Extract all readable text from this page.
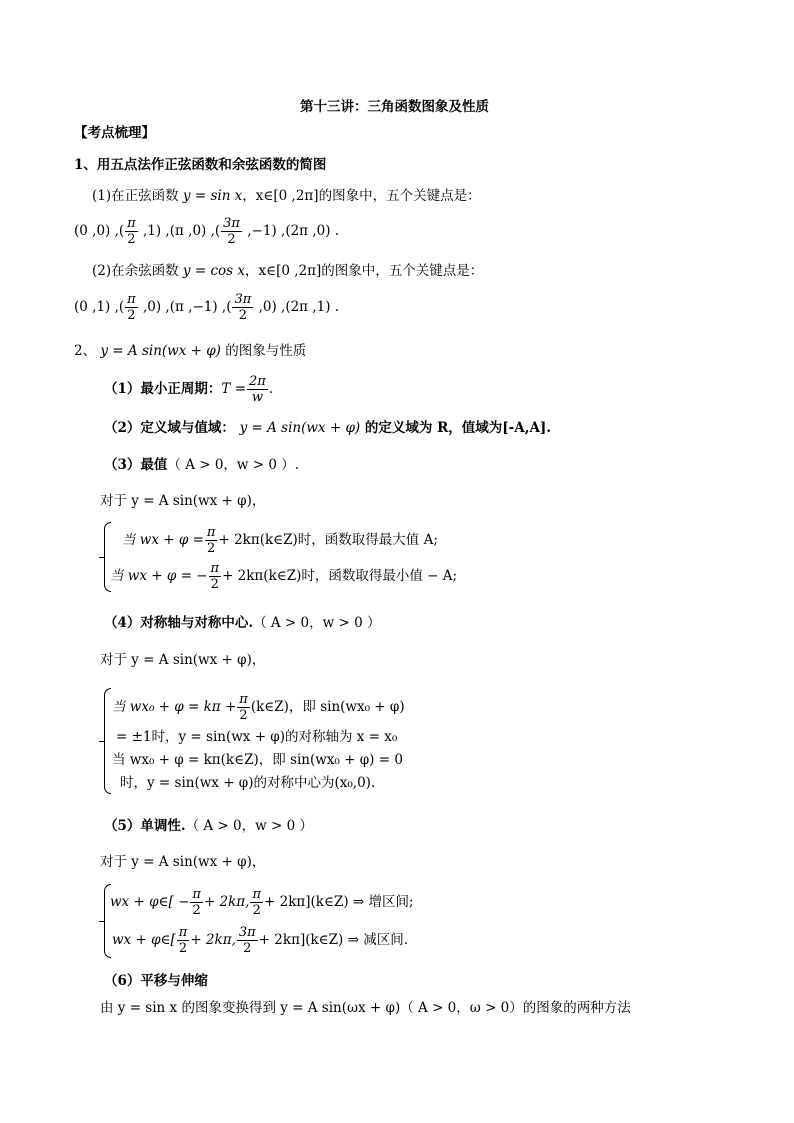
第十三讲：三角函数图象及性质
【考点梳理】
1、用五点法作正弦函数和余弦函数的简图
(1)在正弦函数 y = sin x，x∈[0 ,2π]的图象中，五个关键点是：
(0 ,0) ,( $\frac{\pi}{2} ,1$) ,(π ,0) ,( $\frac{3\pi}{2} ,-1$) ,(2π ,0) .
(2)在余弦函数 y = cos x，x∈[0 ,2π]的图象中，五个关键点是：
(0 ,1) ,( $\frac{\pi}{2} ,0$) ,(π ,−1) ,( $\frac{3\pi}{2} ,0$) ,(2π ,1) .
2、 y = A sin(wx + φ) 的图象与性质
（1）最小正周期：$T = \frac{2\pi}{w}$ .
（2）定义域与值域： y = A sin(wx + φ) 的定义域为 R，值域为[-A,A].
（3）最值（ A > 0，w > 0 ）.
对于 y = A sin(wx + φ)，
当 wx + $\varphi = \frac{\pi}{2}$ + 2kπ(k∈Z)时，函数取得最大值 A;
当 wx + φ = − $\frac{\pi}{2}$ + 2kπ(k∈Z)时，函数取得最小值 − A;
（4）对称轴与对称中心.（ A > 0，w > 0 ）
对于 y = A sin(wx + φ)，
当 $wx_0 + \varphi = k\pi + \frac{\pi}{2}$ (k∈Z)，即 sin(wx₀ + φ)
= ±1时，y = sin(wx + φ)的对称轴为 x = x₀
当 wx₀ + φ = kπ(k∈Z)，即 sin(wx₀ + φ) = 0
时，y = sin(wx + φ)的对称中心为(x₀,0).
（5）单调性.（ A > 0，w > 0 ）
对于 y = A sin(wx + φ)，
wx + φ∈[ − $\frac{\pi}{2} + 2k\pi$, $\frac{\pi}{2}$ + 2kπ](k∈Z) ⇒ 增区间;
wx + φ∈[ $\frac{\pi}{2} + 2k\pi$, $\frac{3\pi}{2}$ + 2kπ](k∈Z) ⇒ 减区间.
（6）平移与伸缩
由 y = sin x 的图象变换得到 y = A sin(ωx + φ)（ A > 0，ω > 0）的图象的两种方法
